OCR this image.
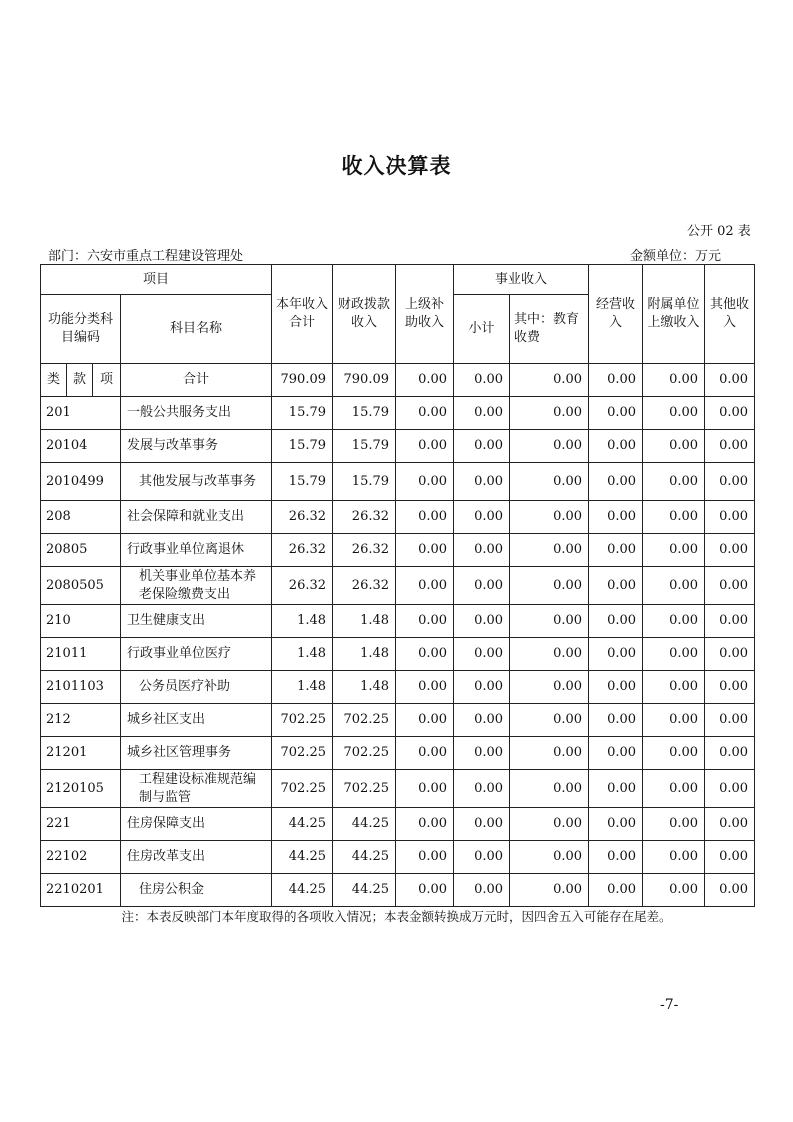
收入决算表
公开 02 表
部门：六安市重点工程建设管理处	金额单位：万元
项目				本年收入合计	财政拨款收入	上级补助收入	事业收入		经营收入	附属单位上缴收入	其他收入
功能分类科目编码			科目名称				小计	其中：教育收费			

类	款	项	合计	790.09	790.09	0.00	0.00	0.00	0.00	0.00	0.00
201			一般公共服务支出	15.79	15.79	0.00	0.00	0.00	0.00	0.00	0.00
20104			发展与改革事务	15.79	15.79	0.00	0.00	0.00	0.00	0.00	0.00
2010499			其他发展与改革事务	15.79	15.79	0.00	0.00	0.00	0.00	0.00	0.00
208			社会保障和就业支出	26.32	26.32	0.00	0.00	0.00	0.00	0.00	0.00
20805			行政事业单位离退休	26.32	26.32	0.00	0.00	0.00	0.00	0.00	0.00
2080505			机关事业单位基本养老保险缴费支出	26.32	26.32	0.00	0.00	0.00	0.00	0.00	0.00
210			卫生健康支出	1.48	1.48	0.00	0.00	0.00	0.00	0.00	0.00
21011			行政事业单位医疗	1.48	1.48	0.00	0.00	0.00	0.00	0.00	0.00
2101103			公务员医疗补助	1.48	1.48	0.00	0.00	0.00	0.00	0.00	0.00
212			城乡社区支出	702.25	702.25	0.00	0.00	0.00	0.00	0.00	0.00
21201			城乡社区管理事务	702.25	702.25	0.00	0.00	0.00	0.00	0.00	0.00
2120105			工程建设标准规范编制与监管	702.25	702.25	0.00	0.00	0.00	0.00	0.00	0.00
221			住房保障支出	44.25	44.25	0.00	0.00	0.00	0.00	0.00	0.00
22102			住房改革支出	44.25	44.25	0.00	0.00	0.00	0.00	0.00	0.00
2210201			住房公积金	44.25	44.25	0.00	0.00	0.00	0.00	0.00	0.00
注：本表反映部门本年度取得的各项收入情况；本表金额转换成万元时，因四舍五入可能存在尾差。
-7-
